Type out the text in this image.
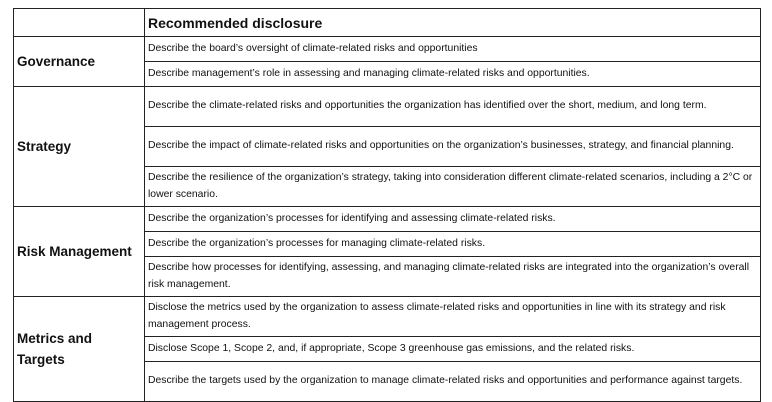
	Recommended disclosure
Governance	Describe the board’s oversight of climate-related risks and opportunities
	Describe management’s role in assessing and managing climate-related risks and opportunities.
Strategy	Describe the climate-related risks and opportunities the organization has identified over the short, medium, and long term.
	Describe the impact of climate-related risks and opportunities on the organization’s businesses, strategy, and financial planning.
	Describe the resilience of the organization’s strategy, taking into consideration different climate-related scenarios, including a 2°C or lower scenario.
Risk Management	Describe the organization’s processes for identifying and assessing climate-related risks.
	Describe the organization’s processes for managing climate-related risks.
	Describe how processes for identifying, assessing, and managing climate-related risks are integrated into the organization’s overall risk management.
Metrics and Targets	Disclose the metrics used by the organization to assess climate-related risks and opportunities in line with its strategy and risk management process.
	Disclose Scope 1, Scope 2, and, if appropriate, Scope 3 greenhouse gas emissions, and the related risks.
	Describe the targets used by the organization to manage climate-related risks and opportunities and performance against targets.
